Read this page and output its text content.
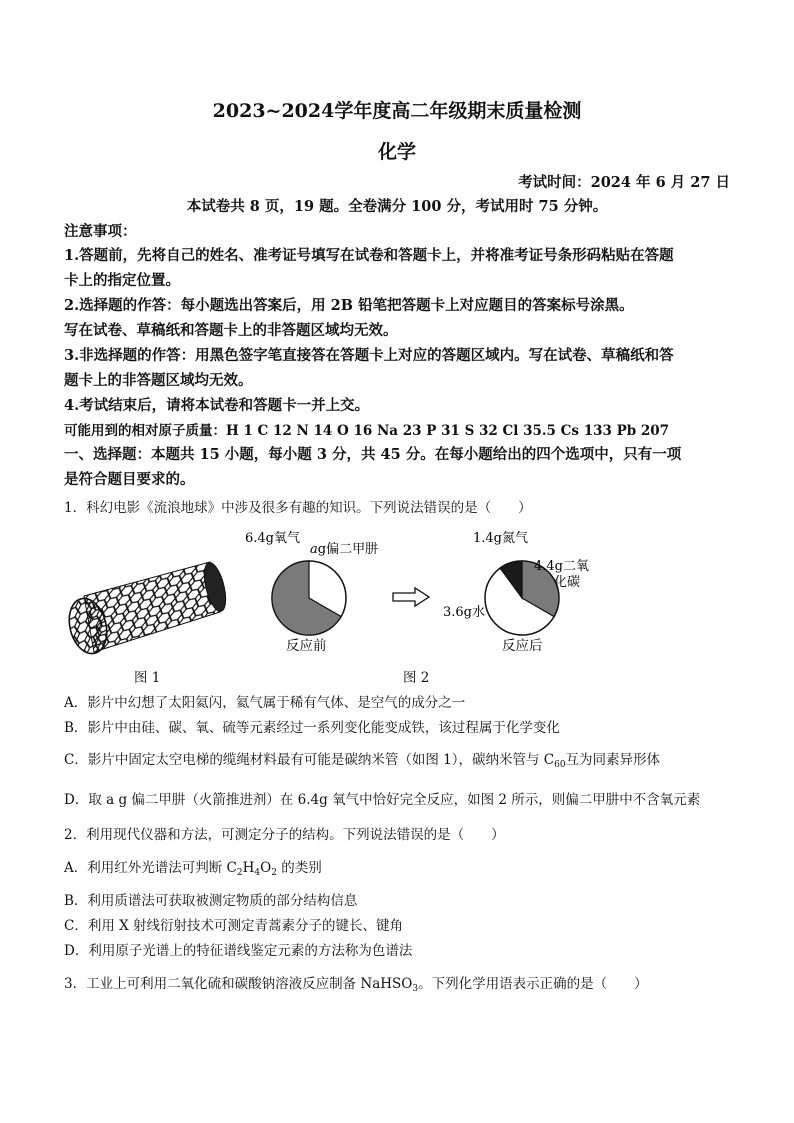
2023~2024学年度高二年级期末质量检测
化学
考试时间：2024 年 6 月 27 日
本试卷共 8 页，19 题。全卷满分 100 分，考试用时 75 分钟。
注意事项：
1.答题前，先将自己的姓名、准考证号填写在试卷和答题卡上，并将准考证号条形码粘贴在答题
卡上的指定位置。
2.选择题的作答：每小题选出答案后，用 2B 铅笔把答题卡上对应题目的答案标号涂黑。
写在试卷、草稿纸和答题卡上的非答题区域均无效。
3.非选择题的作答：用黑色签字笔直接答在答题卡上对应的答题区域内。写在试卷、草稿纸和答
题卡上的非答题区域均无效。
4.考试结束后，请将本试卷和答题卡一并上交。
可能用到的相对原子质量：H 1 C 12 N 14 O 16 Na 23 P 31 S 32 Cl 35.5 Cs 133 Pb 207
一、选择题：本题共 15 小题，每小题 3 分，共 45 分。在每小题给出的四个选项中，只有一项
是符合题目要求的。
1．科幻电影《流浪地球》中涉及很多有趣的知识。下列说法错误的是（　　）
图 1
6.4g氧气
ag偏二甲肼
反应前
1.4g氮气
4.4g二氧
化碳
3.6g水
反应后
图 2
A．影片中幻想了太阳氦闪，氦气属于稀有气体、是空气的成分之一
B．影片中由硅、碳、氧、硫等元素经过一系列变化能变成铁，该过程属于化学变化
C．影片中固定太空电梯的缆绳材料最有可能是碳纳米管（如图 1），碳纳米管与 $C_{60}$互为同素异形体
D．取 a g 偏二甲肼（火箭推进剂）在 6.4g 氧气中恰好完全反应，如图 2 所示，则偏二甲肼中不含氧元素
2．利用现代仪器和方法，可测定分子的结构。下列说法错误的是（　　）
A．利用红外光谱法可判断 $C_2H_4O_2$ 的类别
B．利用质谱法可获取被测定物质的部分结构信息
C．利用 X 射线衍射技术可测定青蒿素分子的键长、键角
D．利用原子光谱上的特征谱线鉴定元素的方法称为色谱法
3．工业上可利用二氧化硫和碳酸钠溶液反应制备 NaHSO$_3$。下列化学用语表示正确的是（　　）
